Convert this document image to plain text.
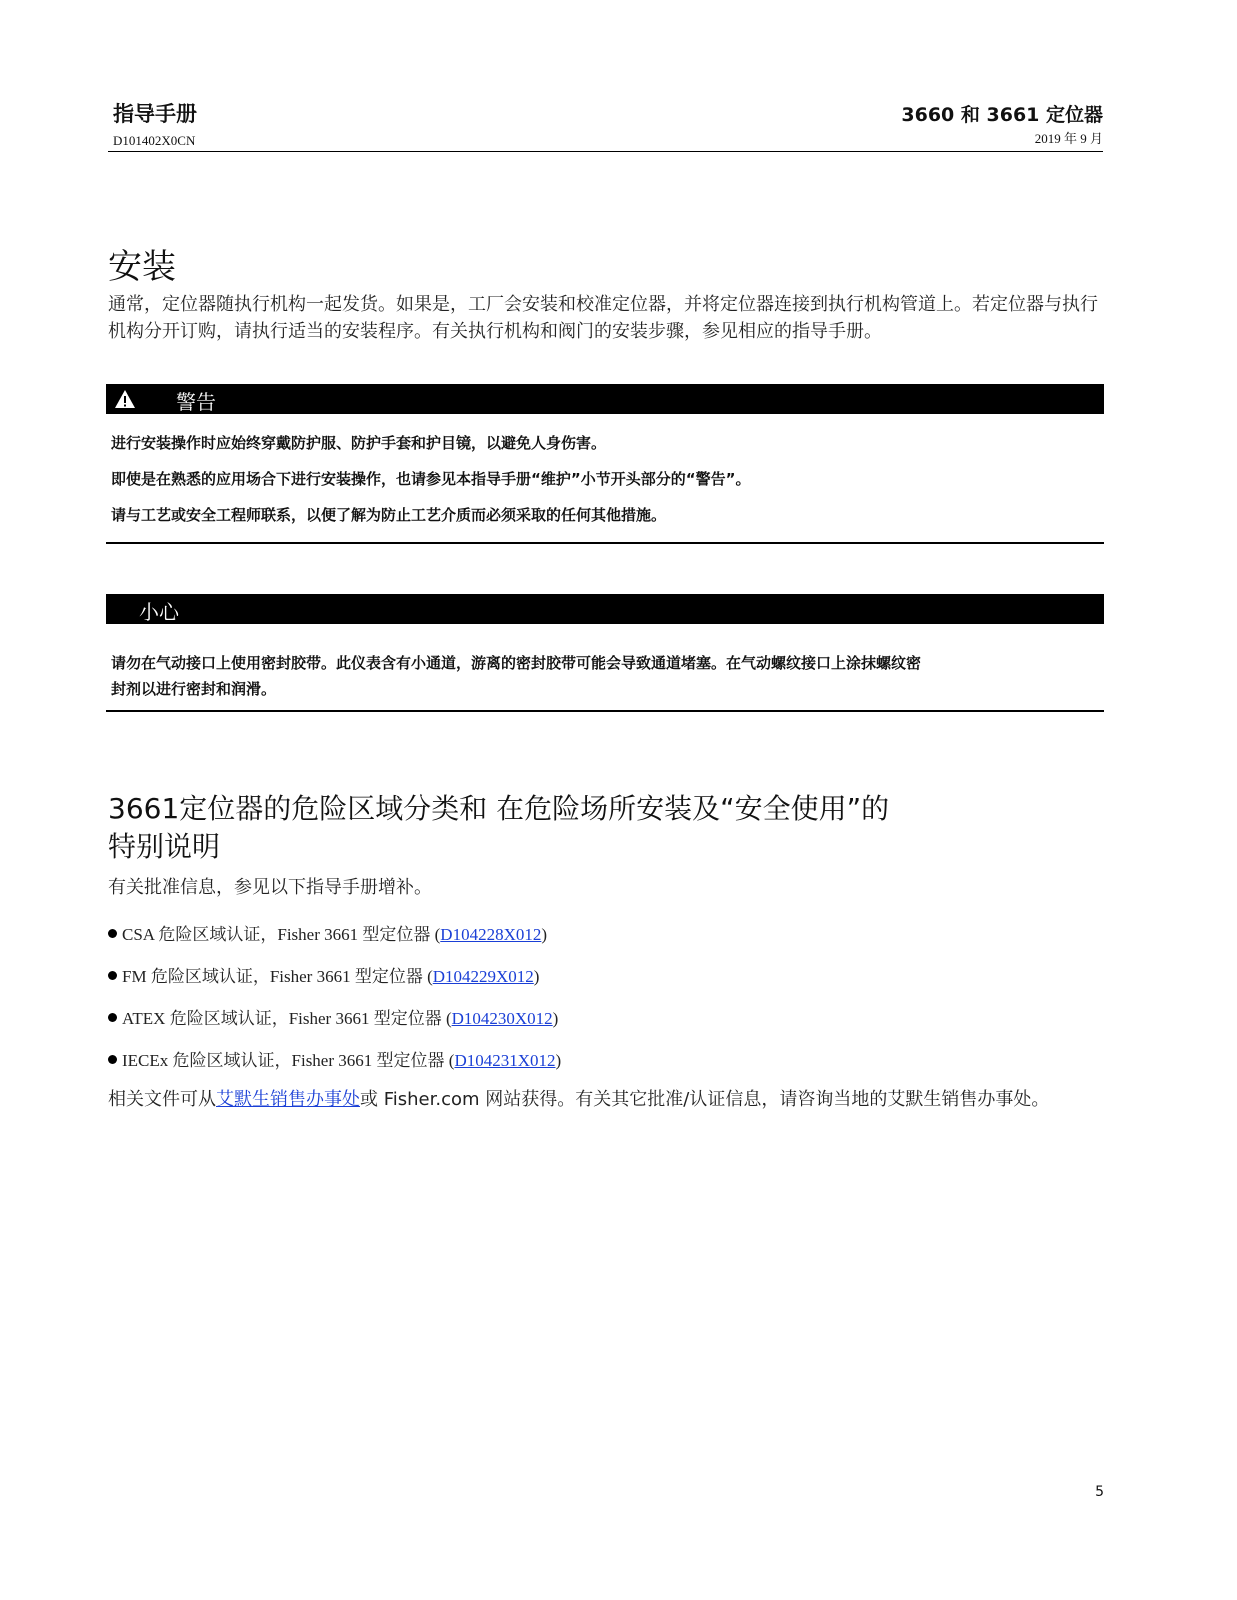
指导手册
D101402X0CN
3660 和 3661 定位器
2019 年 9 月
安装
通常，定位器随执行机构一起发货。如果是，工厂会安装和校准定位器，并将定位器连接到执行机构管道上。若定位器与执行机构分开订购，请执行适当的安装程序。有关执行机构和阀门的安装步骤，参见相应的指导手册。
警告
进行安装操作时应始终穿戴防护服、防护手套和护目镜，以避免人身伤害。
即使是在熟悉的应用场合下进行安装操作，也请参见本指导手册“维护”小节开头部分的“警告”。
请与工艺或安全工程师联系，以便了解为防止工艺介质而必须采取的任何其他措施。
小心
请勿在气动接口上使用密封胶带。此仪表含有小通道，游离的密封胶带可能会导致通道堵塞。在气动螺纹接口上涂抹螺纹密
封剂以进行密封和润滑。
3661定位器的危险区域分类和 在危险场所安装及“安全使用”的
特别说明
有关批准信息，参见以下指导手册增补。
CSA 危险区域认证，Fisher 3661 型定位器 (D104228X012)
FM 危险区域认证，Fisher 3661 型定位器 (D104229X012)
ATEX 危险区域认证，Fisher 3661 型定位器 (D104230X012)
IECEx 危险区域认证，Fisher 3661 型定位器 (D104231X012)
相关文件可从艾默生销售办事处或 Fisher.com 网站获得。有关其它批准/认证信息，请咨询当地的艾默生销售办事处。
5
